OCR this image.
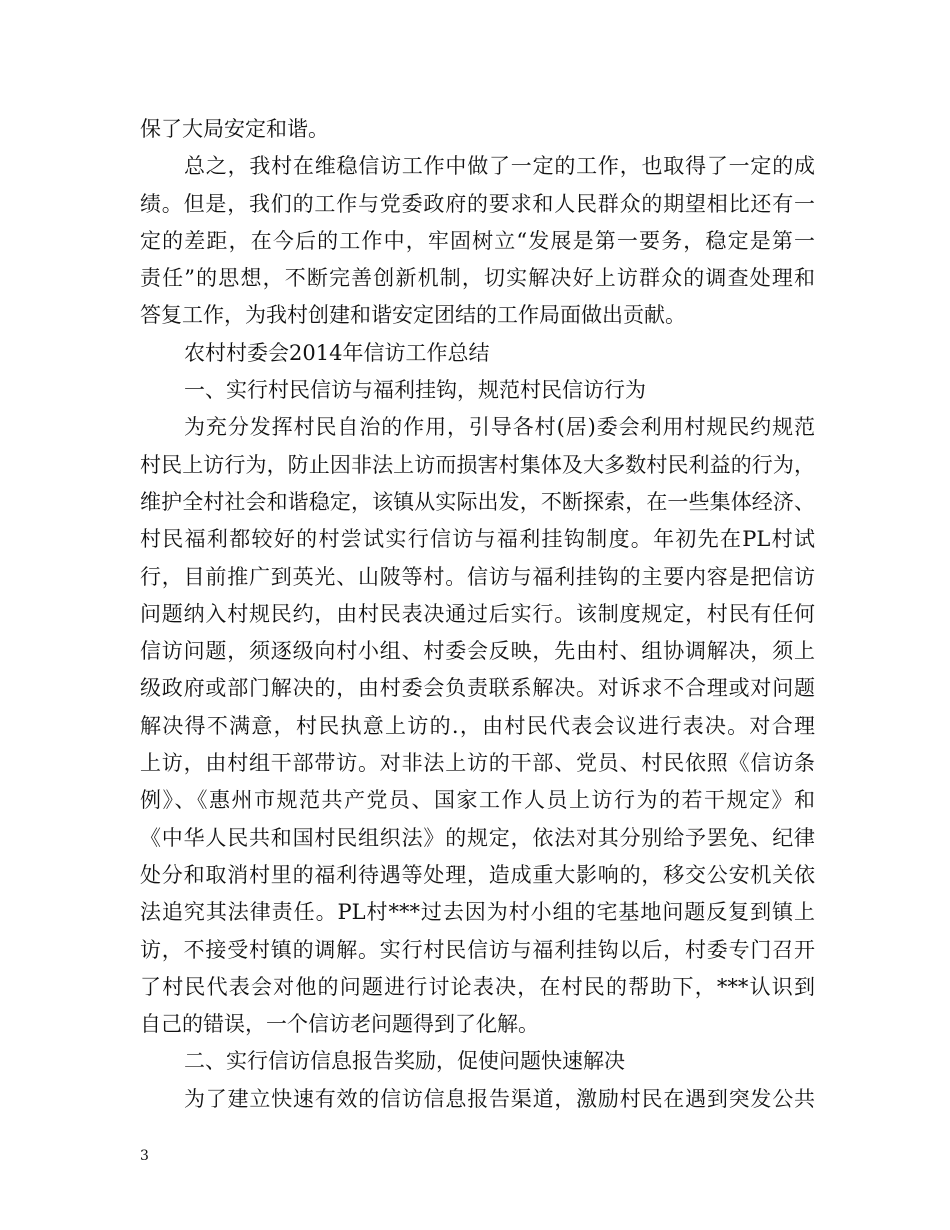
保了大局安定和谐。
总之，我村在维稳信访工作中做了一定的工作，也取得了一定的成
绩。但是，我们的工作与党委政府的要求和人民群众的期望相比还有一
定的差距，在今后的工作中，牢固树立“发展是第一要务，稳定是第一
责任”的思想，不断完善创新机制，切实解决好上访群众的调查处理和
答复工作，为我村创建和谐安定团结的工作局面做出贡献。
农村村委会2014年信访工作总结
一、实行村民信访与福利挂钩，规范村民信访行为
为充分发挥村民自治的作用，引导各村(居)委会利用村规民约规范
村民上访行为，防止因非法上访而损害村集体及大多数村民利益的行为，
维护全村社会和谐稳定，该镇从实际出发，不断探索，在一些集体经济、
村民福利都较好的村尝试实行信访与福利挂钩制度。年初先在PL村试
行，目前推广到英光、山陂等村。信访与福利挂钩的主要内容是把信访
问题纳入村规民约，由村民表决通过后实行。该制度规定，村民有任何
信访问题，须逐级向村小组、村委会反映，先由村、组协调解决，须上
级政府或部门解决的，由村委会负责联系解决。对诉求不合理或对问题
解决得不满意，村民执意上访的.，由村民代表会议进行表决。对合理
上访，由村组干部带访。对非法上访的干部、党员、村民依照《信访条
例》、《惠州市规范共产党员、国家工作人员上访行为的若干规定》和
《中华人民共和国村民组织法》的规定，依法对其分别给予罢免、纪律
处分和取消村里的福利待遇等处理，造成重大影响的，移交公安机关依
法追究其法律责任。PL村***过去因为村小组的宅基地问题反复到镇上
访，不接受村镇的调解。实行村民信访与福利挂钩以后，村委专门召开
了村民代表会对他的问题进行讨论表决，在村民的帮助下，***认识到
自己的错误，一个信访老问题得到了化解。
二、实行信访信息报告奖励，促使问题快速解决
为了建立快速有效的信访信息报告渠道，激励村民在遇到突发公共
3
